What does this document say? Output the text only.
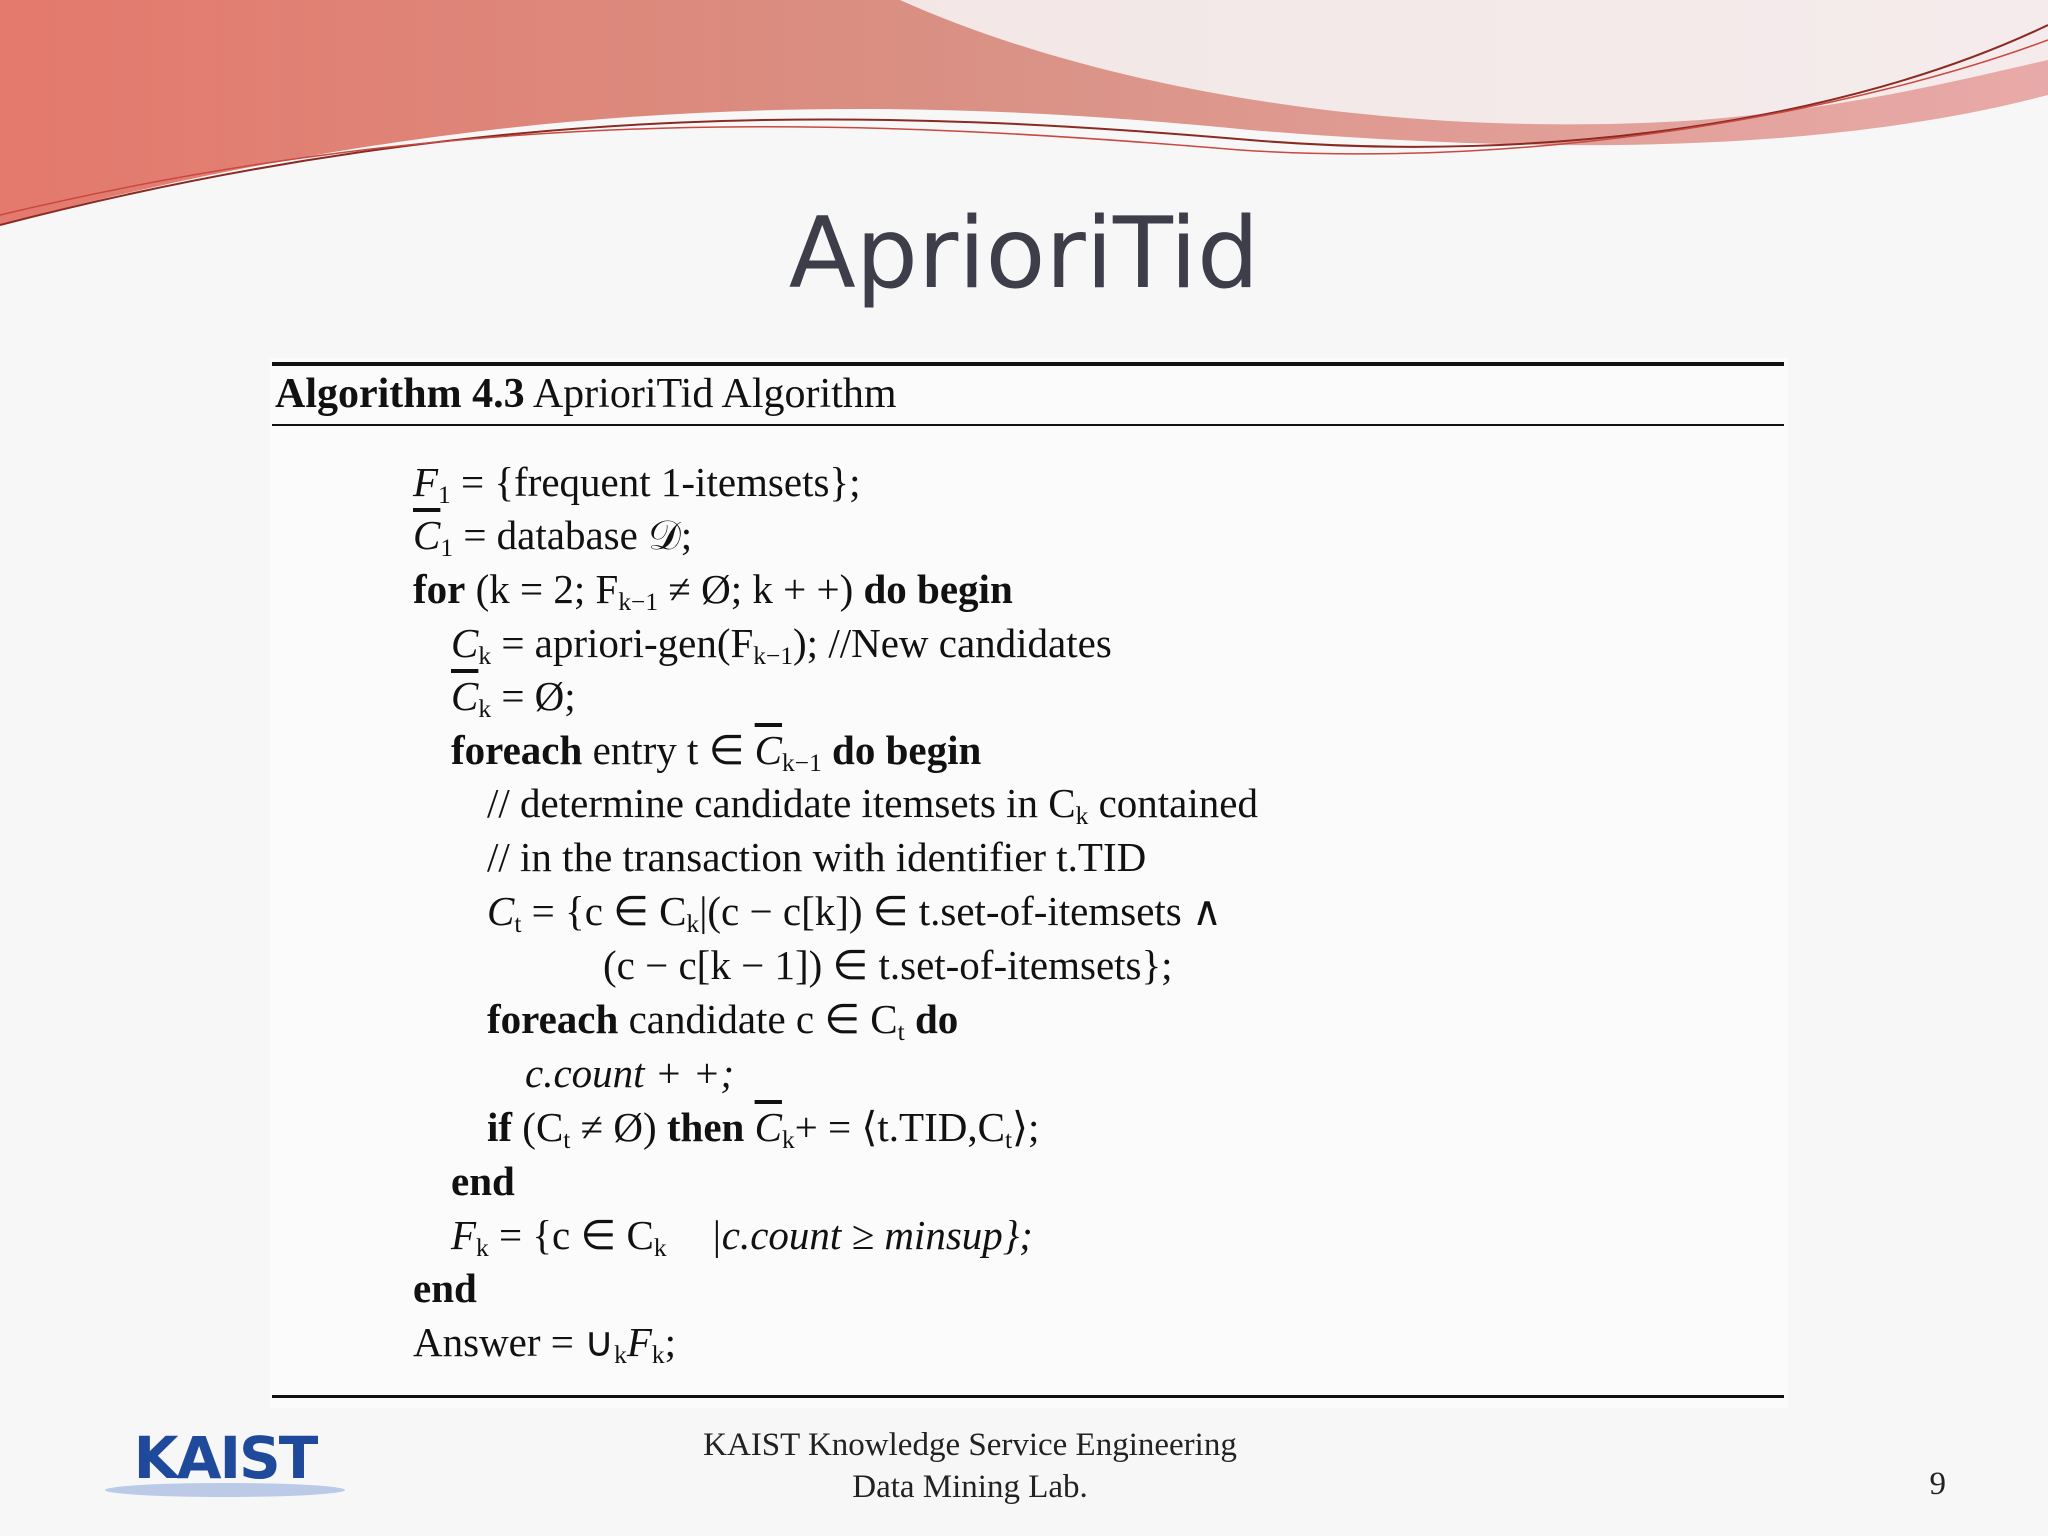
AprioriTid
Algorithm 4.3 AprioriTid Algorithm
$F_1$ = {frequent 1-itemsets};
$\overline{C}_1$ = database 𝒟;
for (k = 2; $F_{k-1}$ ≠ Ø; k + +) do begin
$C_k$ = apriori-$gen(F_{k-1})$; //New candidates
$\overline{C}_k$ = Ø;
foreach entry t ∈ $\overline{C}_{k-1}$ do begin
// determine candidate itemsets in $C_k$ contained
// in the transaction with identifier t.TID
$C_t = \{c$ ∈ $C_k|(c - c[k])$ ∈ t.set-of-itemsets ∧
(c − c[k − 1]) ∈ t.set-of-itemsets};
foreach candidate c ∈ $C_t$ do
c.count + +;
if ($C_t$ ≠ Ø) then $\overline{C}_k+$ = $⟨t.TID,C_t⟩$;
end
$F_k = \{c$ ∈ $C_k$ |c.count ≥ minsup};
end
Answer = $\cup_kF_k$;
KAIST	KAIST Knowledge Service Engineering
Data Mining Lab.	9
